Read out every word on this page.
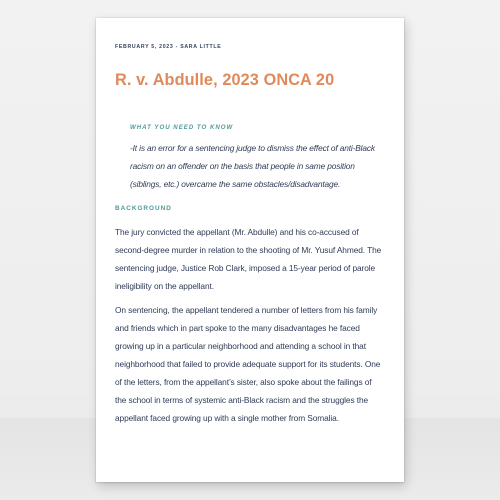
FEBRUARY 5, 2023 - SARA LITTLE
R. v. Abdulle, 2023 ONCA 20
WHAT YOU NEED TO KNOW
-It is an error for a sentencing judge to dismiss the effect of anti-Black racism on an offender on the basis that people in same position (siblings, etc.) overcame the same obstacles/disadvantage.
BACKGROUND

The jury convicted the appellant (Mr. Abdulle) and his co-accused of second-degree murder in relation to the shooting of Mr. Yusuf Ahmed. The sentencing judge, Justice Rob Clark, imposed a 15-year period of parole ineligibility on the appellant.

On sentencing, the appellant tendered a number of letters from his family and friends which in part spoke to the many disadvantages he faced growing up in a particular neighborhood and attending a school in that neighborhood that failed to provide adequate support for its students. One of the letters, from the appellant’s sister, also spoke about the failings of the school in terms of systemic anti-Black racism and the struggles the appellant faced growing up with a single mother from Somalia.
